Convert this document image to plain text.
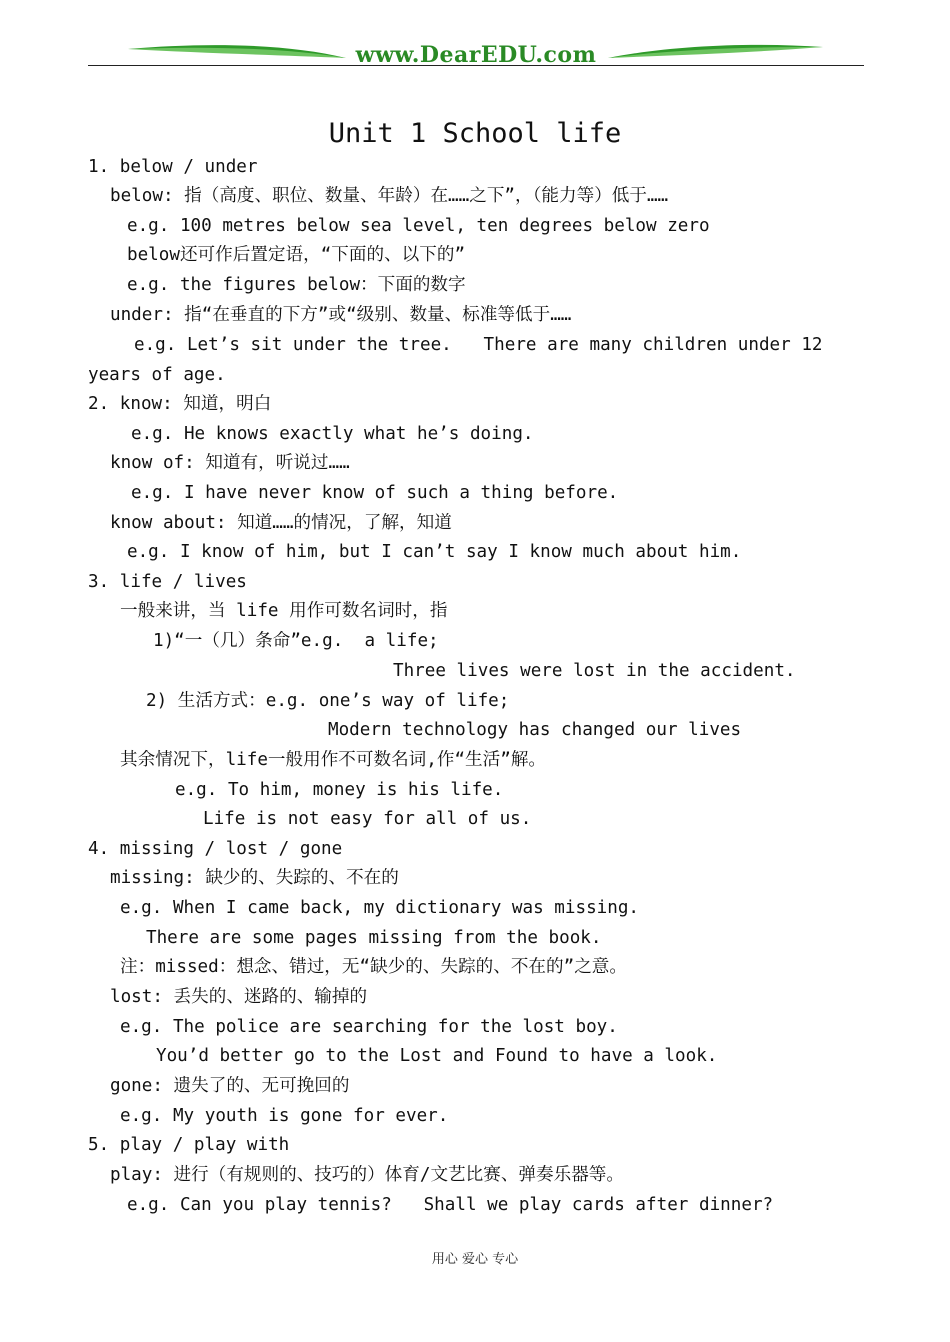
www.DearEDU.com
Unit 1 School life
1. below / under
below: 指（高度、职位、数量、年龄）在……之下”，（能力等）低于……
e.g. 100 metres below sea level, ten degrees below zero
below还可作后置定语，“下面的、以下的”
e.g. the figures below：下面的数字
under: 指“在垂直的下方”或“级别、数量、标准等低于……
e.g. Let’s sit under the tree.   There are many children under 12
years of age.
2. know: 知道，明白
e.g. He knows exactly what he’s doing.
know of: 知道有，听说过……
e.g. I have never know of such a thing before.
know about: 知道……的情况，了解，知道
e.g. I know of him, but I can’t say I know much about him.
3. life / lives
一般来讲，当 life 用作可数名词时，指
1)“一（几）条命”e.g.  a life;
Three lives were lost in the accident.
2) 生活方式：e.g. one’s way of life;
Modern technology has changed our lives
其余情况下，life一般用作不可数名词,作“生活”解。
e.g. To him, money is his life.
Life is not easy for all of us.
4. missing / lost / gone
missing: 缺少的、失踪的、不在的
e.g. When I came back, my dictionary was missing.
There are some pages missing from the book.
注：missed：想念、错过，无“缺少的、失踪的、不在的”之意。
lost: 丢失的、迷路的、输掉的
e.g. The police are searching for the lost boy.
You’d better go to the Lost and Found to have a look.
gone: 遗失了的、无可挽回的
e.g. My youth is gone for ever.
5. play / play with
play: 进行（有规则的、技巧的）体育/文艺比赛、弹奏乐器等。
e.g. Can you play tennis?   Shall we play cards after dinner?
用心 爱心 专心
